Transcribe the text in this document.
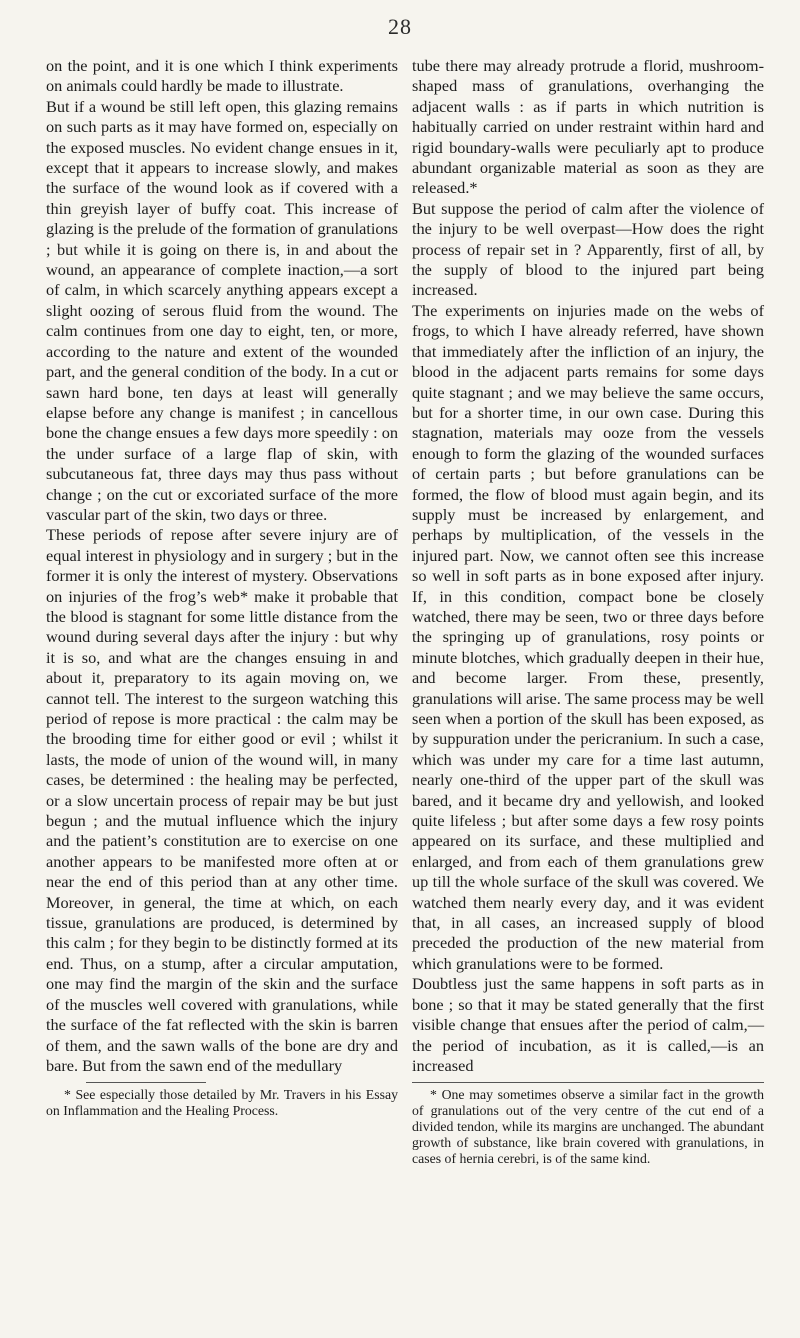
28

on the point, and it is one which I think experiments on animals could hardly be made to illustrate.

But if a wound be still left open, this glazing remains on such parts as it may have formed on, especially on the exposed muscles. No evident change ensues in it, except that it appears to increase slowly, and makes the surface of the wound look as if covered with a thin greyish layer of buffy coat. This increase of glazing is the prelude of the formation of granulations ; but while it is going on there is, in and about the wound, an appearance of complete inaction,—a sort of calm, in which scarcely anything appears except a slight oozing of serous fluid from the wound. The calm continues from one day to eight, ten, or more, according to the nature and extent of the wounded part, and the general condition of the body. In a cut or sawn hard bone, ten days at least will generally elapse before any change is manifest ; in cancellous bone the change ensues a few days more speedily : on the under surface of a large flap of skin, with subcutaneous fat, three days may thus pass without change ; on the cut or excoriated surface of the more vascular part of the skin, two days or three.

These periods of repose after severe injury are of equal interest in physiology and in surgery ; but in the former it is only the interest of mystery. Observations on injuries of the frog’s web* make it probable that the blood is stagnant for some little distance from the wound during several days after the injury : but why it is so, and what are the changes ensuing in and about it, preparatory to its again moving on, we cannot tell. The interest to the surgeon watching this period of repose is more practical : the calm may be the brooding time for either good or evil ; whilst it lasts, the mode of union of the wound will, in many cases, be determined : the healing may be perfected, or a slow uncertain process of repair may be but just begun ; and the mutual influence which the injury and the patient’s constitution are to exercise on one another appears to be manifested more often at or near the end of this period than at any other time. Moreover, in general, the time at which, on each tissue, granulations are produced, is determined by this calm ; for they begin to be distinctly formed at its end. Thus, on a stump, after a circular amputation, one may find the margin of the skin and the surface of the muscles well covered with granulations, while the surface of the fat reflected with the skin is barren of them, and the sawn walls of the bone are dry and bare. But from the sawn end of the medullary

* See especially those detailed by Mr. Travers in his Essay on Inflammation and the Healing Process.

tube there may already protrude a florid, mushroom-shaped mass of granulations, overhanging the adjacent walls : as if parts in which nutrition is habitually carried on under restraint within hard and rigid boundary-walls were peculiarly apt to produce abundant organizable material as soon as they are released.*

But suppose the period of calm after the violence of the injury to be well overpast—How does the right process of repair set in ? Apparently, first of all, by the supply of blood to the injured part being increased.

The experiments on injuries made on the webs of frogs, to which I have already referred, have shown that immediately after the infliction of an injury, the blood in the adjacent parts remains for some days quite stagnant ; and we may believe the same occurs, but for a shorter time, in our own case. During this stagnation, materials may ooze from the vessels enough to form the glazing of the wounded surfaces of certain parts ; but before granulations can be formed, the flow of blood must again begin, and its supply must be increased by enlargement, and perhaps by multiplication, of the vessels in the injured part. Now, we cannot often see this increase so well in soft parts as in bone exposed after injury. If, in this condition, compact bone be closely watched, there may be seen, two or three days before the springing up of granulations, rosy points or minute blotches, which gradually deepen in their hue, and become larger. From these, presently, granulations will arise. The same process may be well seen when a portion of the skull has been exposed, as by suppuration under the pericranium. In such a case, which was under my care for a time last autumn, nearly one-third of the upper part of the skull was bared, and it became dry and yellowish, and looked quite lifeless ; but after some days a few rosy points appeared on its surface, and these multiplied and enlarged, and from each of them granulations grew up till the whole surface of the skull was covered. We watched them nearly every day, and it was evident that, in all cases, an increased supply of blood preceded the production of the new material from which granulations were to be formed.

Doubtless just the same happens in soft parts as in bone ; so that it may be stated generally that the first visible change that ensues after the period of calm,—the period of incubation, as it is called,—is an increased

* One may sometimes observe a similar fact in the growth of granulations out of the very centre of the cut end of a divided tendon, while its margins are unchanged. The abundant growth of substance, like brain covered with granulations, in cases of hernia cerebri, is of the same kind.
